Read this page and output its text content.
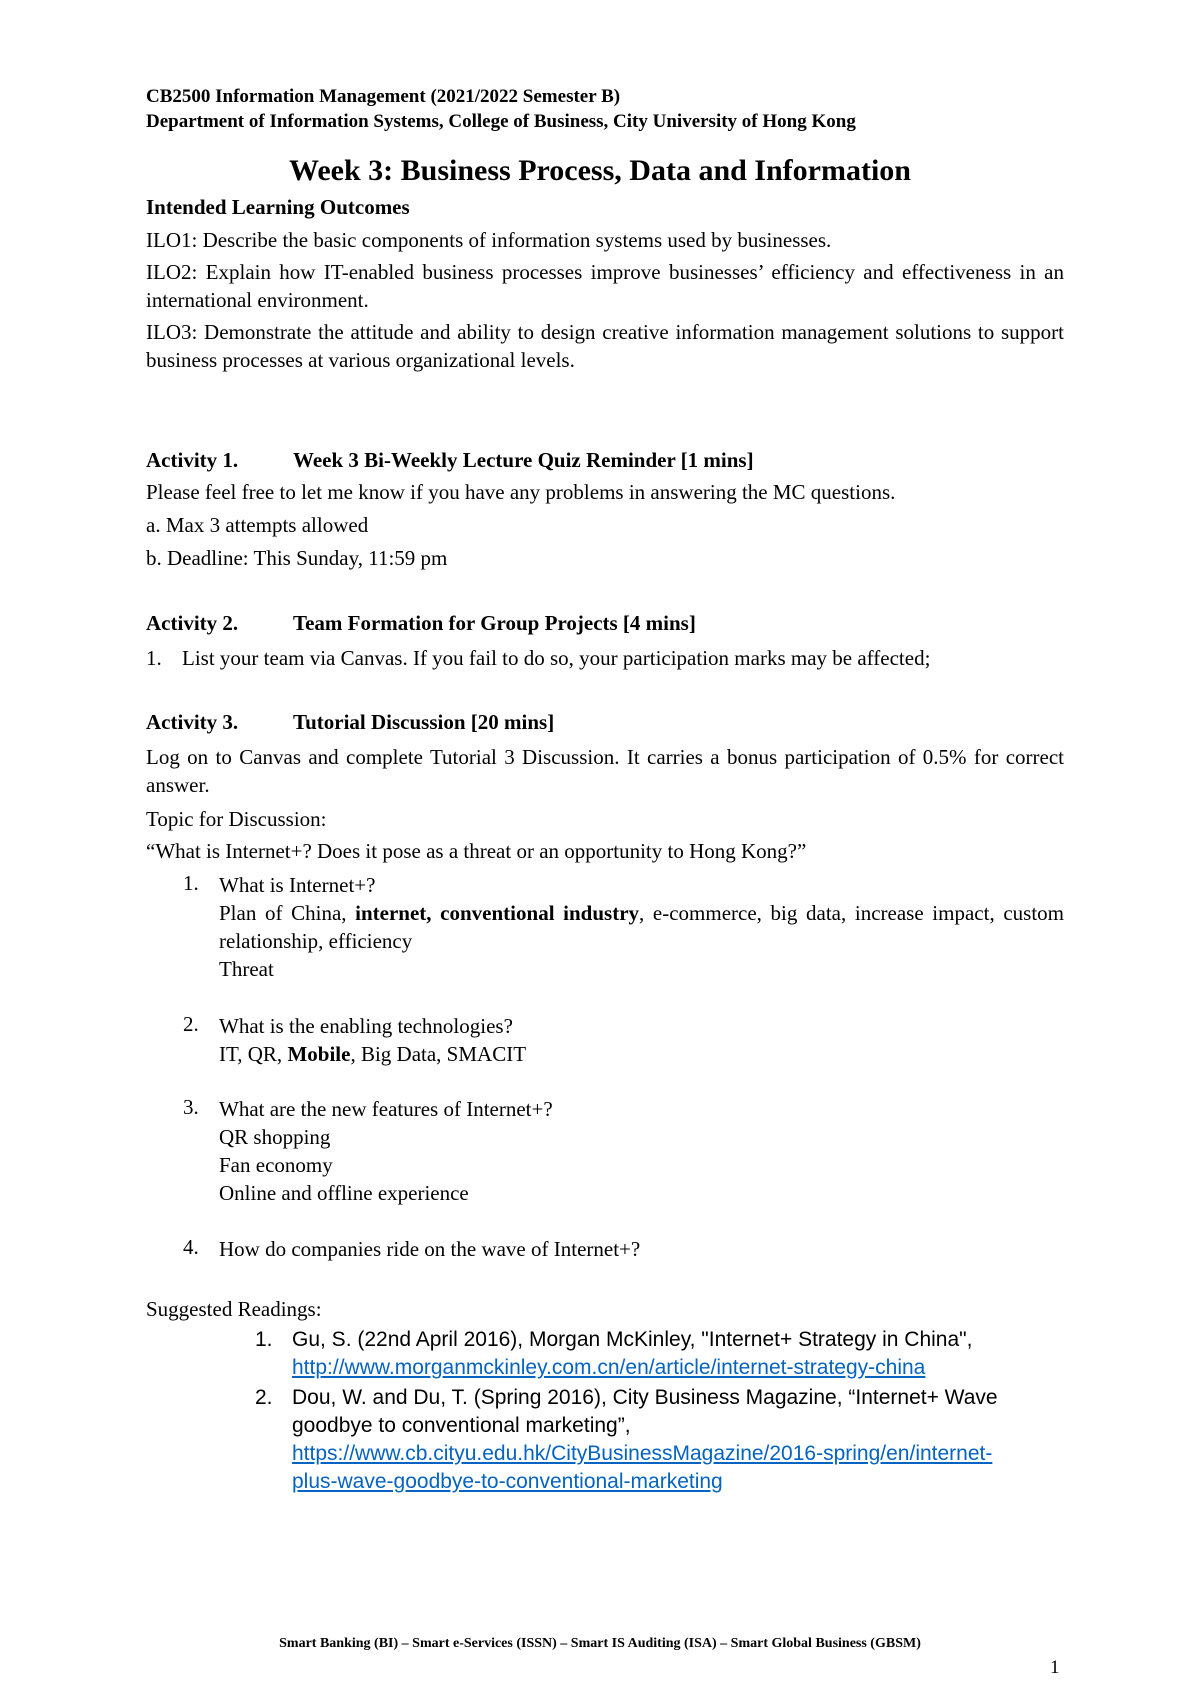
CB2500 Information Management (2021/2022 Semester B)

Department of Information Systems, College of Business, City University of Hong Kong

Week 3: Business Process, Data and Information

Intended Learning Outcomes

ILO1: Describe the basic components of information systems used by businesses.

ILO2: Explain how IT-enabled business processes improve businesses’ efficiency and effectiveness in an international environment.

ILO3: Demonstrate the attitude and ability to design creative information management solutions to support business processes at various organizational levels.

Activity 1.	Week 3 Bi-Weekly Lecture Quiz Reminder [1 mins]

Please feel free to let me know if you have any problems in answering the MC questions.

a. Max 3 attempts allowed

b. Deadline: This Sunday, 11:59 pm

Activity 2.	Team Formation for Group Projects [4 mins]

1. List your team via Canvas. If you fail to do so, your participation marks may be affected;

Activity 3.	Tutorial Discussion [20 mins]

Log on to Canvas and complete Tutorial 3 Discussion. It carries a bonus participation of 0.5% for correct answer.

Topic for Discussion:

“What is Internet+? Does it pose as a threat or an opportunity to Hong Kong?”

1. What is Internet+?

Plan of China, internet, conventional industry, e-commerce, big data, increase impact, custom relationship, efficiency

Threat

2. What is the enabling technologies?

IT, QR, Mobile, Big Data, SMACIT

3. What are the new features of Internet+?

QR shopping

Fan economy

Online and offline experience

4. How do companies ride on the wave of Internet+?

Suggested Readings:

1. Gu, S. (22nd April 2016), Morgan McKinley, "Internet+ Strategy in China",

http://www.morganmckinley.com.cn/en/article/internet-strategy-china

2. Dou, W. and Du, T. (Spring 2016), City Business Magazine, “Internet+ Wave goodbye to conventional marketing”,

https://www.cb.cityu.edu.hk/CityBusinessMagazine/2016-spring/en/internet-
plus-wave-goodbye-to-conventional-marketing

Smart Banking (BI) – Smart e-Services (ISSN) – Smart IS Auditing (ISA) – Smart Global Business (GBSM)

1
